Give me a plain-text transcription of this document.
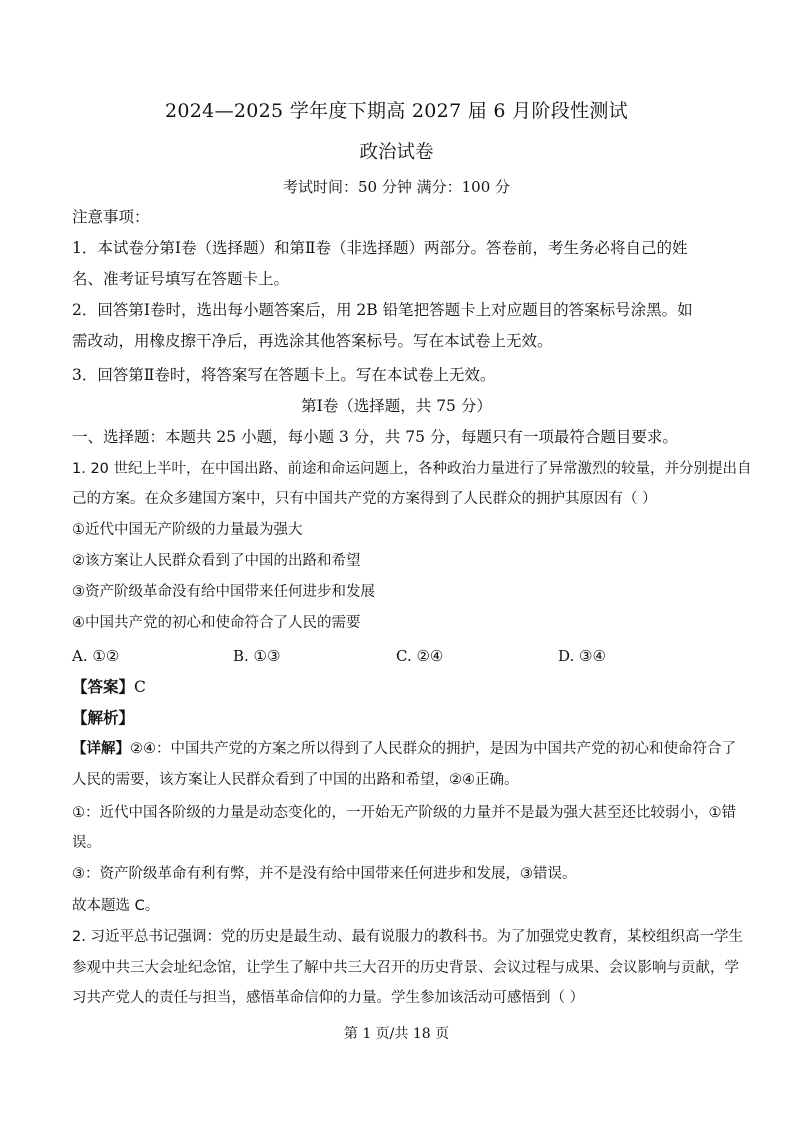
2024—2025 学年度下期高 2027 届 6 月阶段性测试
政治试卷
考试时间：50 分钟 满分：100 分
注意事项：
1．本试卷分第Ⅰ卷（选择题）和第Ⅱ卷（非选择题）两部分。答卷前，考生务必将自己的姓
名、准考证号填写在答题卡上。
2．回答第Ⅰ卷时，选出每小题答案后，用 2B 铅笔把答题卡上对应题目的答案标号涂黑。如
需改动，用橡皮擦干净后，再选涂其他答案标号。写在本试卷上无效。
3．回答第Ⅱ卷时，将答案写在答题卡上。写在本试卷上无效。
第Ⅰ卷（选择题，共 75 分）
一、选择题：本题共 25 小题，每小题 3 分，共 75 分，每题只有一项最符合题目要求。
1. 20 世纪上半叶，在中国出路、前途和命运问题上，各种政治力量进行了异常激烈的较量，并分别提出自
己的方案。在众多建国方案中，只有中国共产党的方案得到了人民群众的拥护其原因有（ ）
①近代中国无产阶级的力量最为强大
②该方案让人民群众看到了中国的出路和希望
③资产阶级革命没有给中国带来任何进步和发展
④中国共产党的初心和使命符合了人民的需要
A. ①②	B. ①③	C. ②④	D. ③④
【答案】C
【解析】
【详解】②④：中国共产党的方案之所以得到了人民群众的拥护，是因为中国共产党的初心和使命符合了
人民的需要，该方案让人民群众看到了中国的出路和希望，②④正确。
①：近代中国各阶级的力量是动态变化的，一开始无产阶级的力量并不是最为强大甚至还比较弱小，①错
误。
③：资产阶级革命有利有弊，并不是没有给中国带来任何进步和发展，③错误。
故本题选 C。
2. 习近平总书记强调：党的历史是最生动、最有说服力的教科书。为了加强党史教育，某校组织高一学生
参观中共三大会址纪念馆，让学生了解中共三大召开的历史背景、会议过程与成果、会议影响与贡献，学
习共产党人的责任与担当，感悟革命信仰的力量。学生参加该活动可感悟到（ ）
第 1 页/共 18 页
